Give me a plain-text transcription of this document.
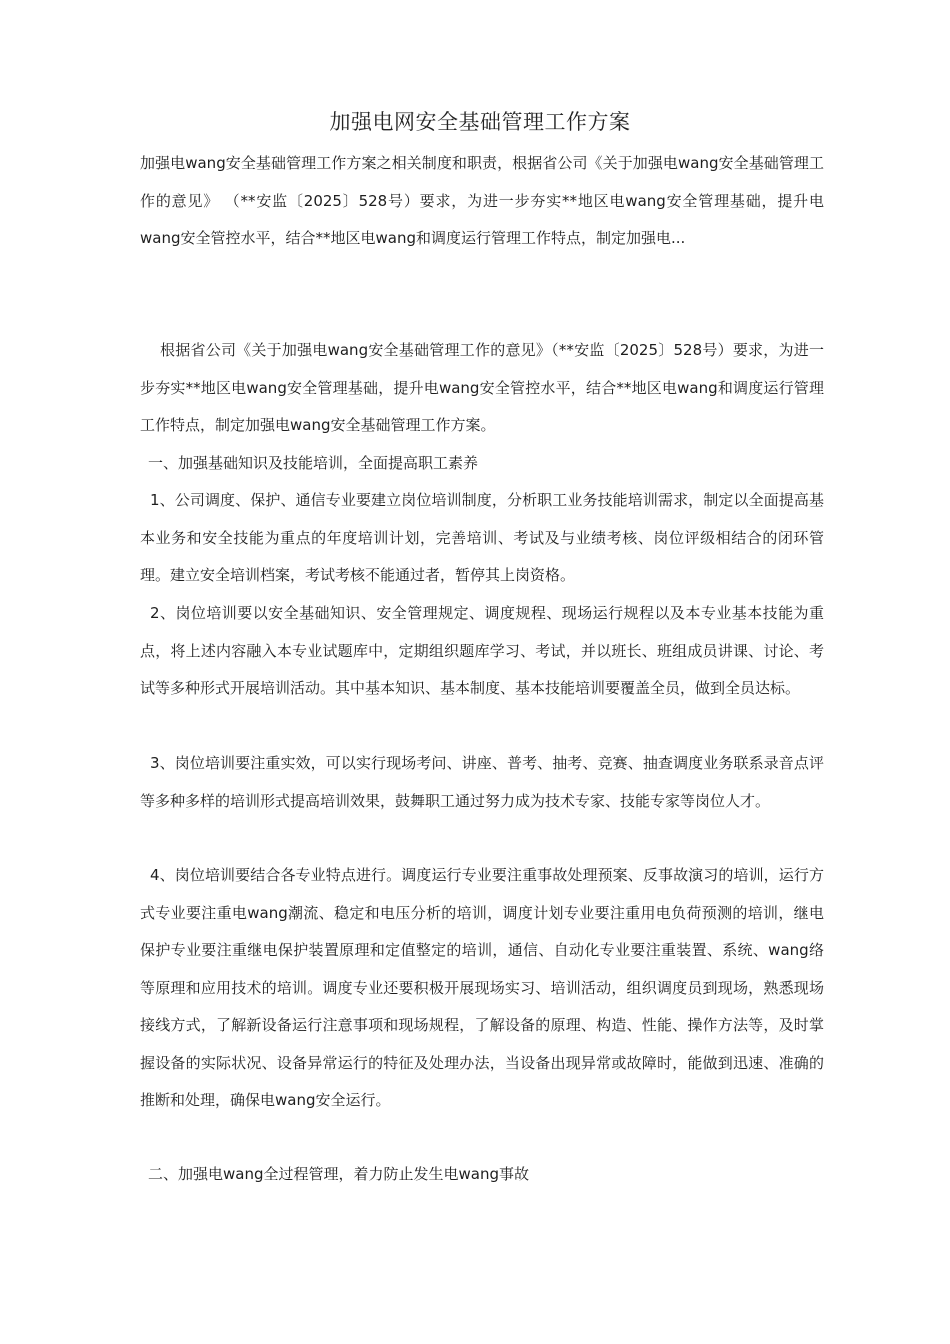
加强电网安全基础管理工作方案

加强电wang安全基础管理工作方案之相关制度和职责，根据省公司《关于加强电wang安全基础管理工作的意见》 （**安监〔2025〕528号）要求，为进一步夯实**地区电wang安全管理基础，提升电wang安全管控水平，结合**地区电wang和调度运行管理工作特点，制定加强电...

根据省公司《关于加强电wang安全基础管理工作的意见》（**安监〔2025〕528号）要求，为进一步夯实**地区电wang安全管理基础，提升电wang安全管控水平，结合**地区电wang和调度运行管理工作特点，制定加强电wang安全基础管理工作方案。

一、加强基础知识及技能培训，全面提高职工素养

1、公司调度、保护、通信专业要建立岗位培训制度，分析职工业务技能培训需求，制定以全面提高基本业务和安全技能为重点的年度培训计划，完善培训、考试及与业绩考核、岗位评级相结合的闭环管理。建立安全培训档案，考试考核不能通过者，暂停其上岗资格。

2、岗位培训要以安全基础知识、安全管理规定、调度规程、现场运行规程以及本专业基本技能为重点，将上述内容融入本专业试题库中，定期组织题库学习、考试，并以班长、班组成员讲课、讨论、考试等多种形式开展培训活动。其中基本知识、基本制度、基本技能培训要覆盖全员，做到全员达标。

3、岗位培训要注重实效，可以实行现场考问、讲座、普考、抽考、竞赛、抽查调度业务联系录音点评等多种多样的培训形式提高培训效果，鼓舞职工通过努力成为技术专家、技能专家等岗位人才。

4、岗位培训要结合各专业特点进行。调度运行专业要注重事故处理预案、反事故演习的培训，运行方式专业要注重电wang潮流、稳定和电压分析的培训，调度计划专业要注重用电负荷预测的培训，继电保护专业要注重继电保护装置原理和定值整定的培训，通信、自动化专业要注重装置、系统、wang络等原理和应用技术的培训。调度专业还要积极开展现场实习、培训活动，组织调度员到现场，熟悉现场接线方式，了解新设备运行注意事项和现场规程，了解设备的原理、构造、性能、操作方法等，及时掌握设备的实际状况、设备异常运行的特征及处理办法，当设备出现异常或故障时，能做到迅速、准确的推断和处理，确保电wang安全运行。

二、加强电wang全过程管理，着力防止发生电wang事故
